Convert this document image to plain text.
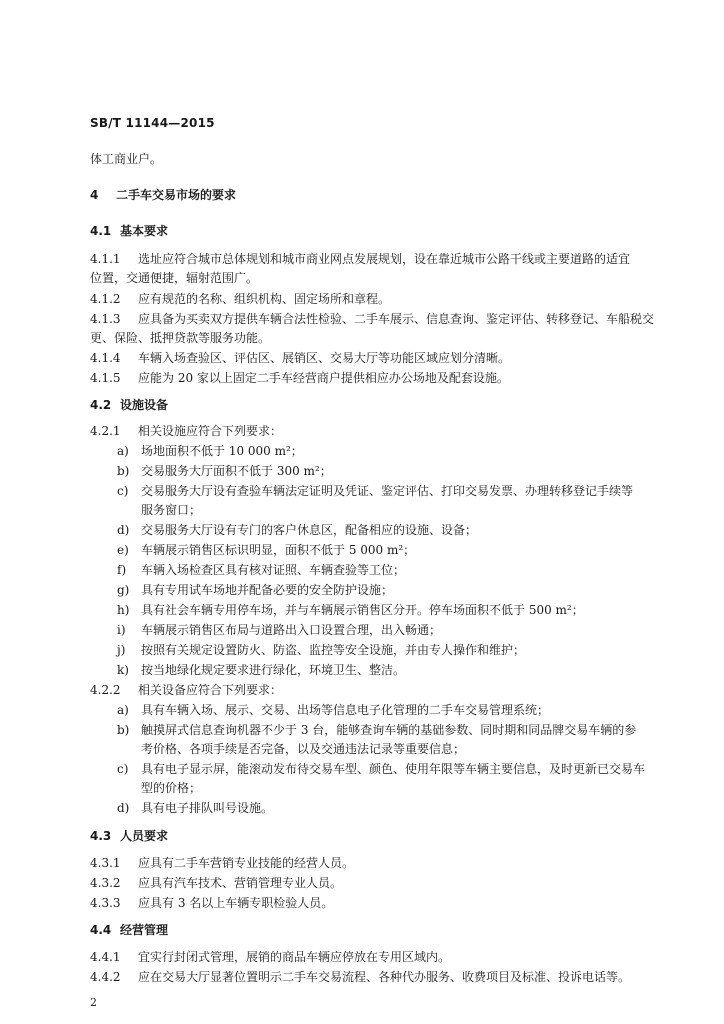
SB/T 11144—2015
体工商业户。
4 二手车交易市场的要求
4.1 基本要求
4.1.1 选址应符合城市总体规划和城市商业网点发展规划，设在靠近城市公路干线或主要道路的适宜
位置，交通便捷，辐射范围广。
4.1.2 应有规范的名称、组织机构、固定场所和章程。
4.1.3 应具备为买卖双方提供车辆合法性检验、二手车展示、信息查询、鉴定评估、转移登记、车船税交
更、保险、抵押贷款等服务功能。
4.1.4 车辆入场查验区、评估区、展销区、交易大厅等功能区域应划分清晰。
4.1.5 应能为 20 家以上固定二手车经营商户提供相应办公场地及配套设施。
4.2 设施设备
4.2.1 相关设施应符合下列要求：
a) 场地面积不低于 10 000 m²；
b) 交易服务大厅面积不低于 300 m²；
c) 交易服务大厅设有查验车辆法定证明及凭证、鉴定评估、打印交易发票、办理转移登记手续等
服务窗口；
d) 交易服务大厅设有专门的客户休息区，配备相应的设施、设备；
e) 车辆展示销售区标识明显，面积不低于 5 000 m²；
f) 车辆入场检查区具有核对证照、车辆查验等工位；
g) 具有专用试车场地并配备必要的安全防护设施；
h) 具有社会车辆专用停车场，并与车辆展示销售区分开。停车场面积不低于 500 m²；
i) 车辆展示销售区布局与道路出入口设置合理，出入畅通；
j) 按照有关规定设置防火、防盗、监控等安全设施，并由专人操作和维护；
k) 按当地绿化规定要求进行绿化，环境卫生、整洁。
4.2.2 相关设备应符合下列要求：
a) 具有车辆入场、展示、交易、出场等信息电子化管理的二手车交易管理系统；
b) 触摸屏式信息查询机器不少于 3 台，能够查询车辆的基础参数、同时期和同品牌交易车辆的参
考价格、各项手续是否完备，以及交通违法记录等重要信息；
c) 具有电子显示屏，能滚动发布待交易车型、颜色、使用年限等车辆主要信息，及时更新已交易车
型的价格；
d) 具有电子排队叫号设施。
4.3 人员要求
4.3.1 应具有二手车营销专业技能的经营人员。
4.3.2 应具有汽车技术、营销管理专业人员。
4.3.3 应具有 3 名以上车辆专职检验人员。
4.4 经营管理
4.4.1 宜实行封闭式管理，展销的商品车辆应停放在专用区域内。
4.4.2 应在交易大厅显著位置明示二手车交易流程、各种代办服务、收费项目及标准、投诉电话等。
2
